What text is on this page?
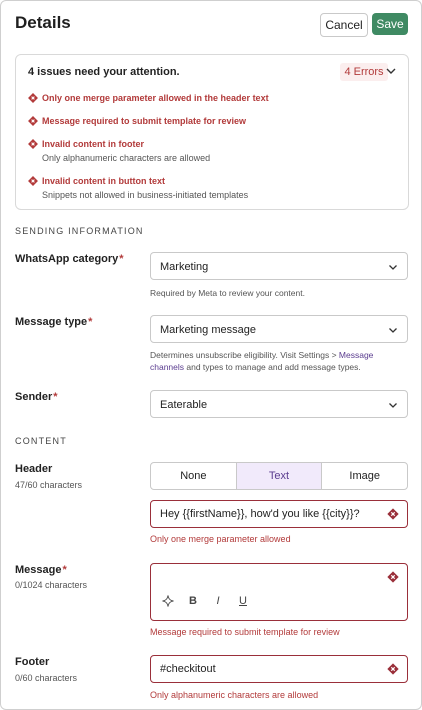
Details	Cancel	Save
4 issues need your attention.	4 Errors
Only one merge parameter allowed in the header text
Message required to submit template for review
Invalid content in footer
Only alphanumeric characters are allowed
Invalid content in button text
Snippets not allowed in business-initiated templates
SENDING INFORMATION
WhatsApp category*
Marketing
Required by Meta to review your content.
Message type*
Marketing message
Determines unsubscribe eligibility. Visit Settings > Message channels and types to manage and add message types.
Sender*
Eaterable
CONTENT
Header
47/60 characters
None	Text	Image
Hey {{firstName}}, how'd you like {{city}}?
Only one merge parameter allowed
Message*
0/1024 characters
B	I	U
Message required to submit template for review
Footer
0/60 characters
#checkitout
Only alphanumeric characters are allowed
